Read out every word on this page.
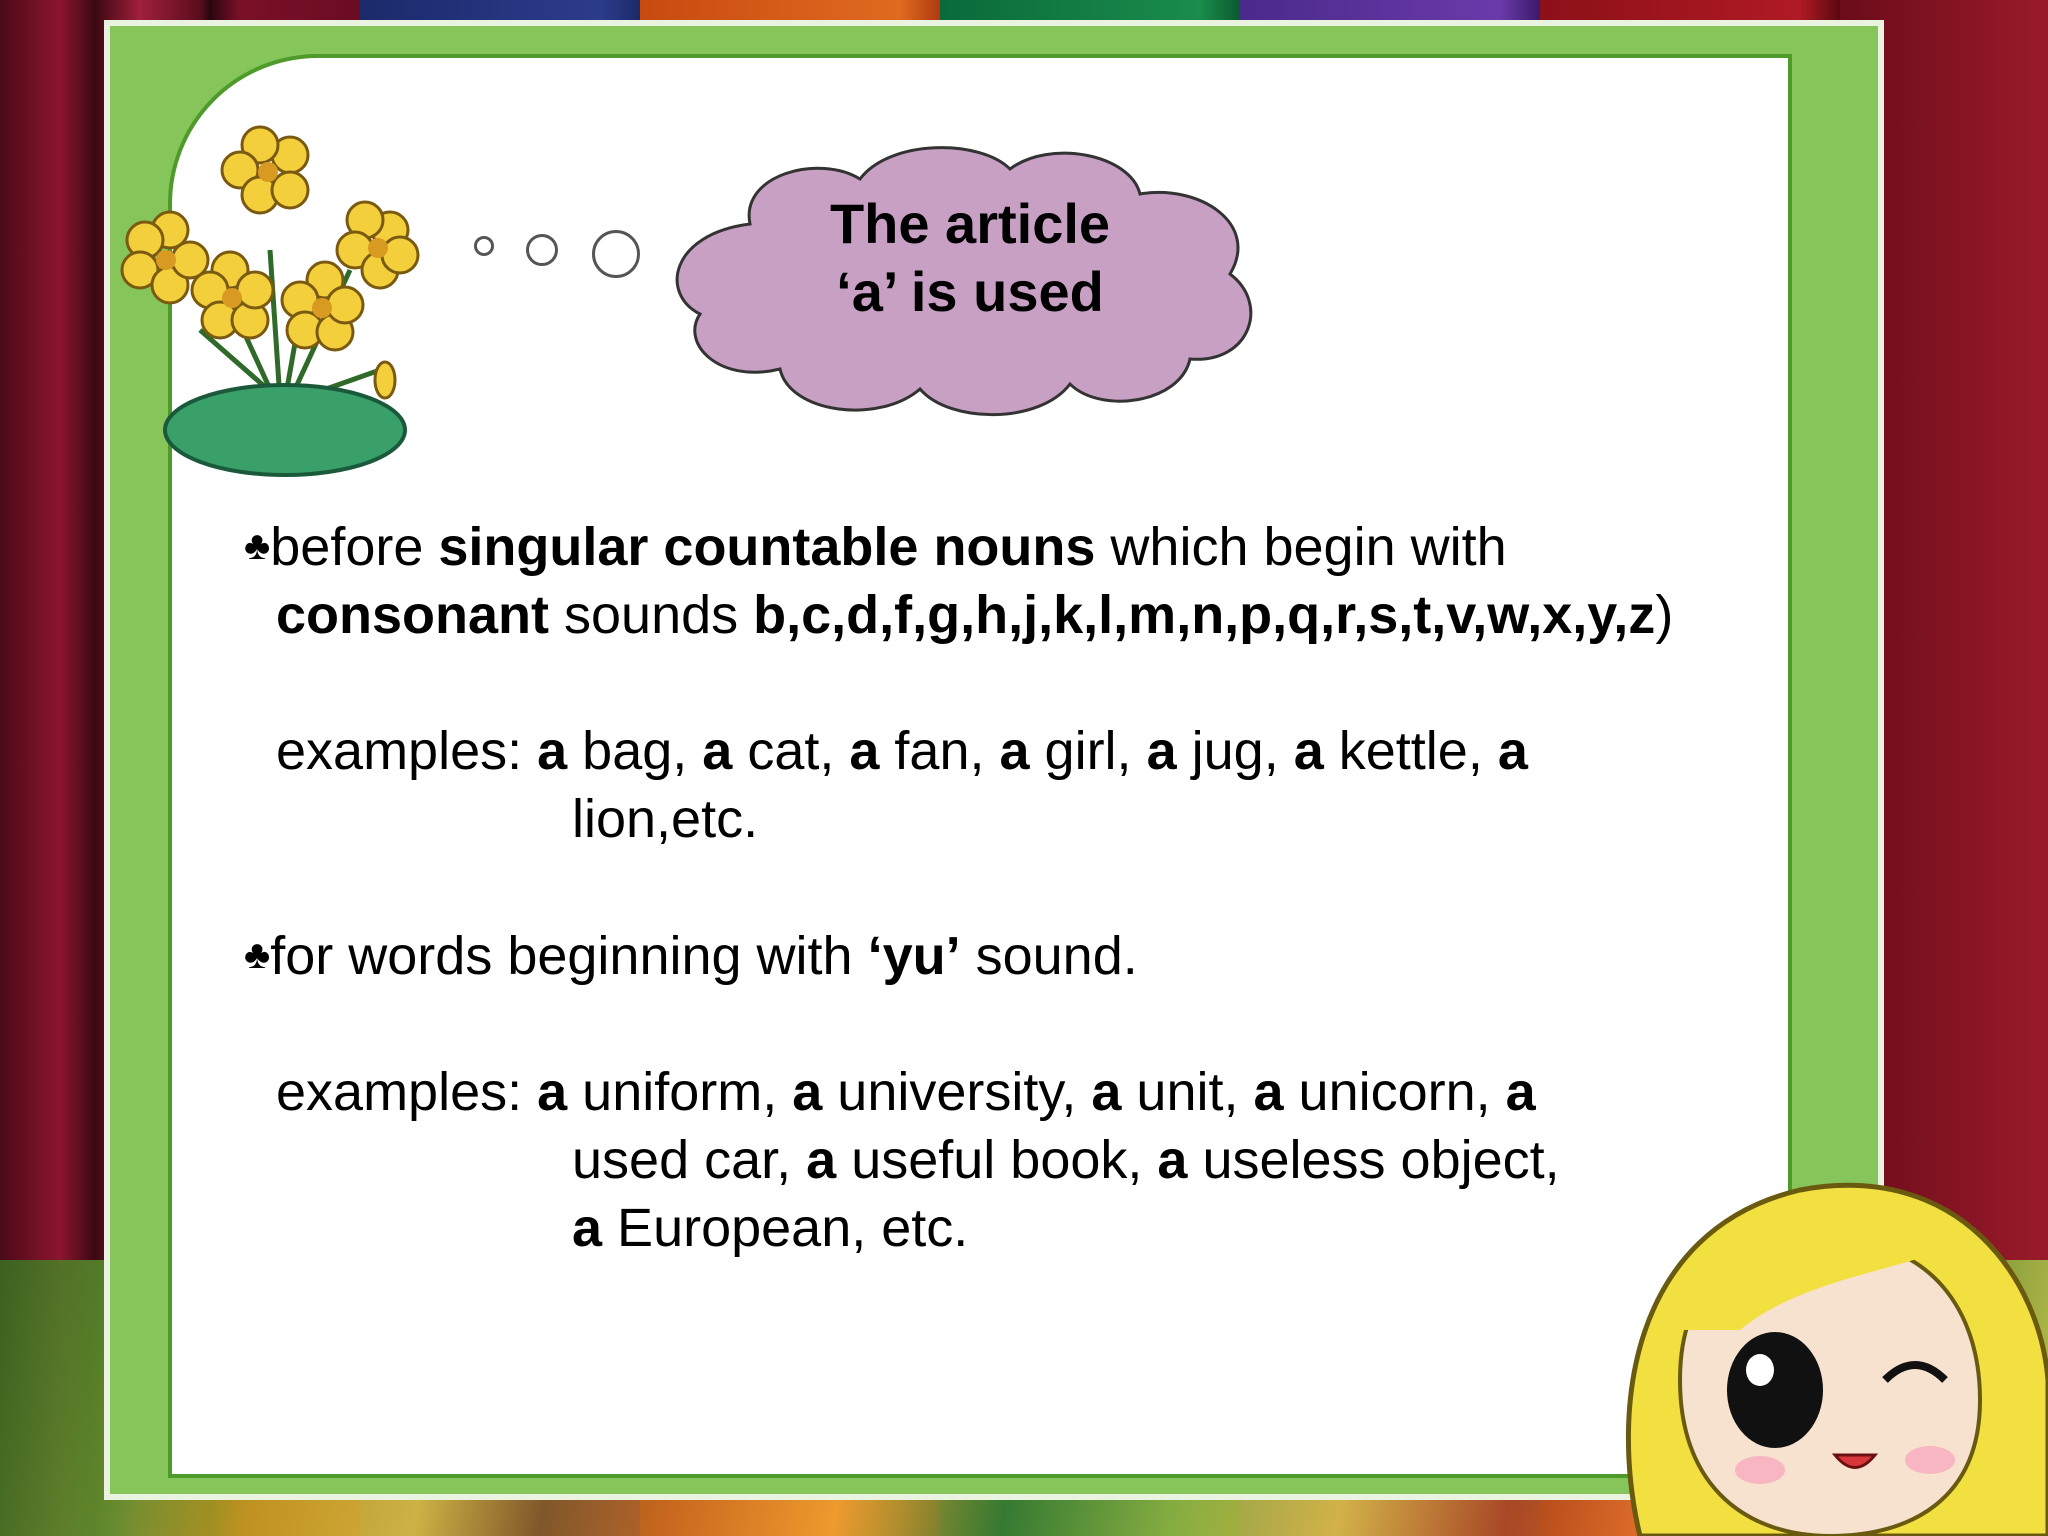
The article
‘a’ is used

♣before singular countable nouns which begin with

consonant sounds b,c,d,f,g,h,j,k,l,m,n,p,q,r,s,t,v,w,x,y,z)

examples: a bag, a cat, a fan, a girl, a jug, a kettle, a

lion,etc.

♣for words beginning with ‘yu’ sound.

examples: a uniform, a university, a unit, a unicorn, a

used car, a useful book, a useless object,

a European, etc.
